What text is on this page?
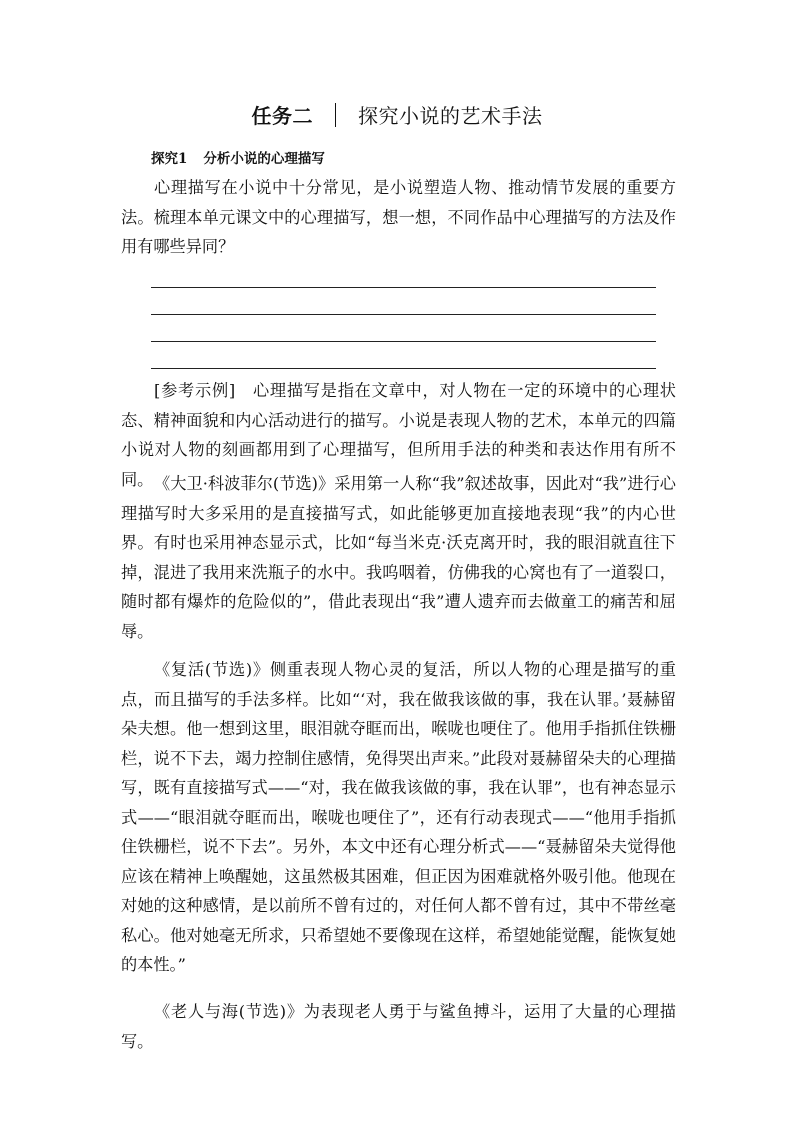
任务二 探究小说的艺术手法
探究1 分析小说的心理描写

心理描写在小说中十分常见，是小说塑造人物、推动情节发展的重要方法。梳理本单元课文中的心理描写，想一想，不同作品中心理描写的方法及作用有哪些异同？

[参考示例]　 心理描写是指在文章中，对人物在一定的环境中的心理状态、精神面貌和内心活动进行的描写。小说是表现人物的艺术，本单元的四篇小说对人物的刻画都用到了心理描写，但所用手法的种类和表达作用有所不同。 《大卫·科波菲尔(节选)》采用第一人称“我”叙述故事，因此对“我”进行心理描写时大多采用的是直接描写式，如此能够更加直接地表现“我”的内心世界。有时也采用神态显示式，比如“每当米克·沃克离开时，我的眼泪就直往下掉，混进了我用来洗瓶子的水中。我呜咽着，仿佛我的心窝也有了一道裂口，随时都有爆炸的危险似的”，借此表现出“我”遭人遗弃而去做童工的痛苦和屈辱。

《复活(节选)》侧重表现人物心灵的复活，所以人物的心理是描写的重点，而且描写的手法多样。比如“‘对，我在做我该做的事，我在认罪。’聂赫留朵夫想。他一想到这里，眼泪就夺眶而出，喉咙也哽住了。他用手指抓住铁栅栏，说不下去，竭力控制住感情，免得哭出声来。”此段对聂赫留朵夫的心理描写，既有直接描写式——“对，我在做我该做的事，我在认罪”，也有神态显示式——“眼泪就夺眶而出，喉咙也哽住了”，还有行动表现式——“他用手指抓住铁栅栏，说不下去”。另外，本文中还有心理分析式——“聂赫留朵夫觉得他应该在精神上唤醒她，这虽然极其困难，但正因为困难就格外吸引他。他现在对她的这种感情，是以前所不曾有过的，对任何人都不曾有过，其中不带丝毫私心。他对她毫无所求，只希望她不要像现在这样，希望她能觉醒，能恢复她的本性。”

《老人与海(节选)》为表现老人勇于与鲨鱼搏斗，运用了大量的心理描写。
